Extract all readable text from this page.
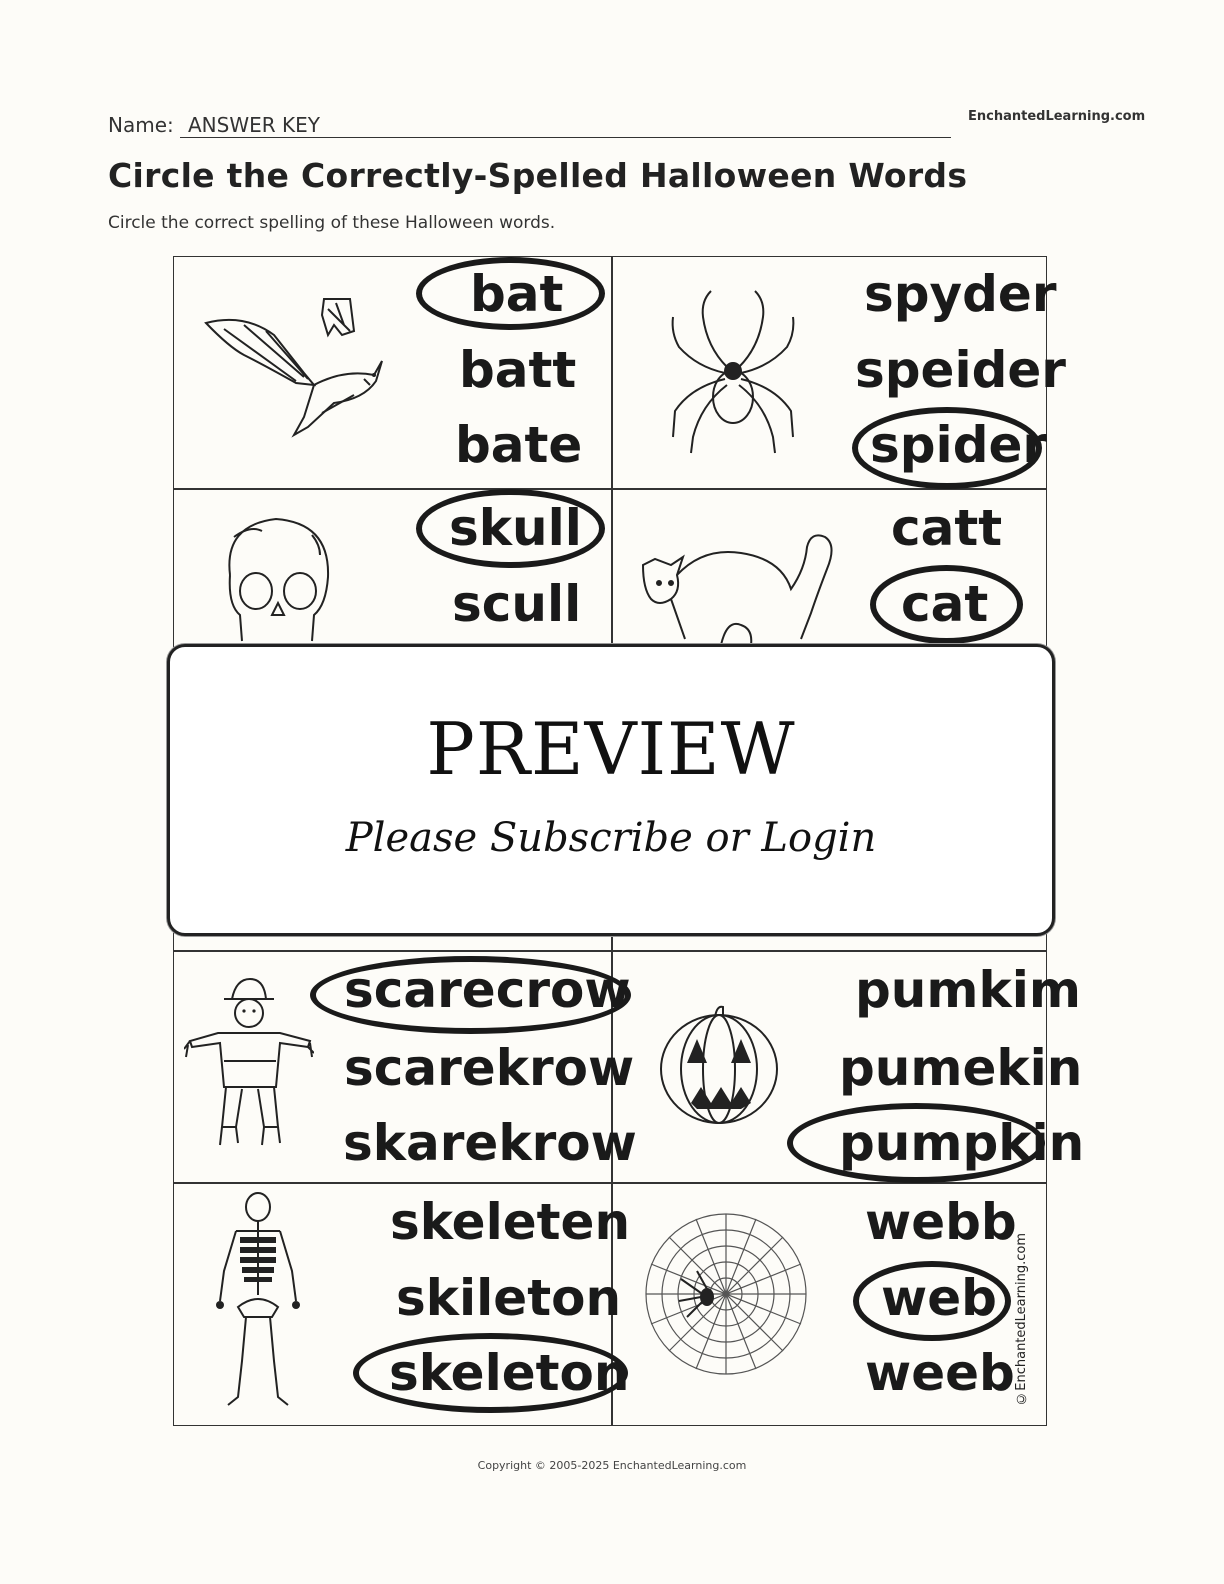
Name: ANSWER KEY	EnchantedLearning.com
Circle the Correctly-Spelled Halloween Words
Circle the correct spelling of these Halloween words.
bat
batt
bate
spyder
speider
spider
skull
scull
catt
cat
scarecrow
scarekrow
skarekrow
pumkim
pumekin
pumpkin
skeleten
skileton
skeleton
webb
web
weeb ©EnchantedLearning.com
PREVIEW
Please Subscribe or Login
Copyright © 2005-2025 EnchantedLearning.com
